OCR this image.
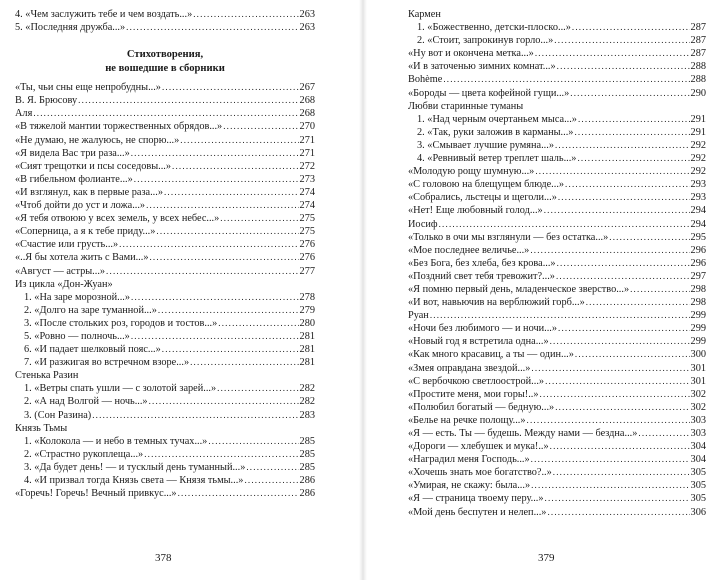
4. «Чем заслужить тебе и чем воздать...» .....	263
5. «Последняя дружба...» .....	263
Стихотворения,
не вошедшие в сборники
«Ты, чьи сны еще непробудны...» .....	267
В. Я. Брюсову .....	268
Аля .....	268
«В тяжелой мантии торжественных обрядов...» .....	270
«Не думаю, не жалуюсь, не спорю...» .....	271
«Я видела Вас три раза...» .....	271
«Сият трещотки и псы соседовы...» .....	272
«В гибельном фолианте...» .....	273
«И взглянул, как в первые раза...» .....	274
«Чтоб дойти до уст и ложа...» .....	274
«Я тебя отвоюю у всех земель, у всех небес...» .....	275
«Соперница, а я к тебе приду...» .....	275
«Счастие или грусть...» .....	276
«..Я бы хотела жить с Вами...» .....	276
«Август — астры...» .....	277
Из цикла «Дон-Жуан»
1. «На заре морозной...» .....	278
2. «Долго на заре туманной...» .....	279
3. «После стольких роз, городов и тостов...» .....	280
5. «Ровно — полночь...» .....	281
6. «И падает шелковый пояс...» .....	281
7. «И разжигая во встречном взоре...» .....	281
Стенька Разин
1. «Ветры спать ушли — с золотой зарей...» .....	282
2. «А над Волгой — ночь...» .....	282
3. (Сон Разина) .....	283
Князь Тьмы
1. «Колокола — и небо в темных тучах...» .....	285
2. «Страстно рукоплеща...» .....	285
3. «Да будет день! — и тусклый день туманный...» .....	285
4. «И призвал тогда Князь света — Князя тьмы...» .....	286
«Горечь! Горечь! Вечный привкус...» .....	286
378
Кармен
1. «Божественно, детски-плоско...» .....	287
2. «Стоит, запрокинув горло...» .....	287
«Ну вот и окончена метка...» .....	287
«И в заточенью зимних комнат...» .....	288
Bohème .....	288
«Бороды — цвета кофейной гущи...» .....	290
Любви старинные туманы
1. «Над черным очертаньем мыса...» .....	291
2. «Так, руки заложив в карманы...» .....	291
3. «Смывает лучшие румяна...» .....	292
4. «Ревнивый ветер треплет шаль...» .....	292
«Молодую рощу шумную...» .....	292
«С головою на блещущем блюде...» .....	293
«Собрались, льстецы и щеголи...» .....	293
«Нет! Еще любовный голод...» .....	294
Иосиф .....	294
«Только в очи мы взглянули — без остатка...» .....	295
«Мое последнее величье...» .....	296
«Без Бога, без хлеба, без крова...» .....	296
«Поздний свет тебя тревожит?...» .....	297
«Я помню первый день, младенческое зверство...» .....	298
«И вот, навьючив на верблюжий горб...» .....	298
Руан .....	299
«Ночи без любимого — и ночи...» .....	299
«Новый год я встретила одна...» .....	299
«Как много красавиц, а ты — один...» .....	300
«Змея оправдана звездой...» .....	301
«С вербочкою светлоострой...» .....	301
«Простите меня, мои горы!..» .....	302
«Полюбил богатый — бедную...» .....	302
«Белье на речке полощу...» .....	303
«Я — есть. Ты — будешь. Между нами — бездна...» .....	303
«Дороги — хлебушек и мука!..» .....	304
«Наградил меня Господь...» .....	304
«Хочешь знать мое богатство?..» .....	305
«Умирая, не скажу: была...» .....	305
«Я — страница твоему перу...» .....	305
«Мой день беспутен и нелеп...» .....	306
379
